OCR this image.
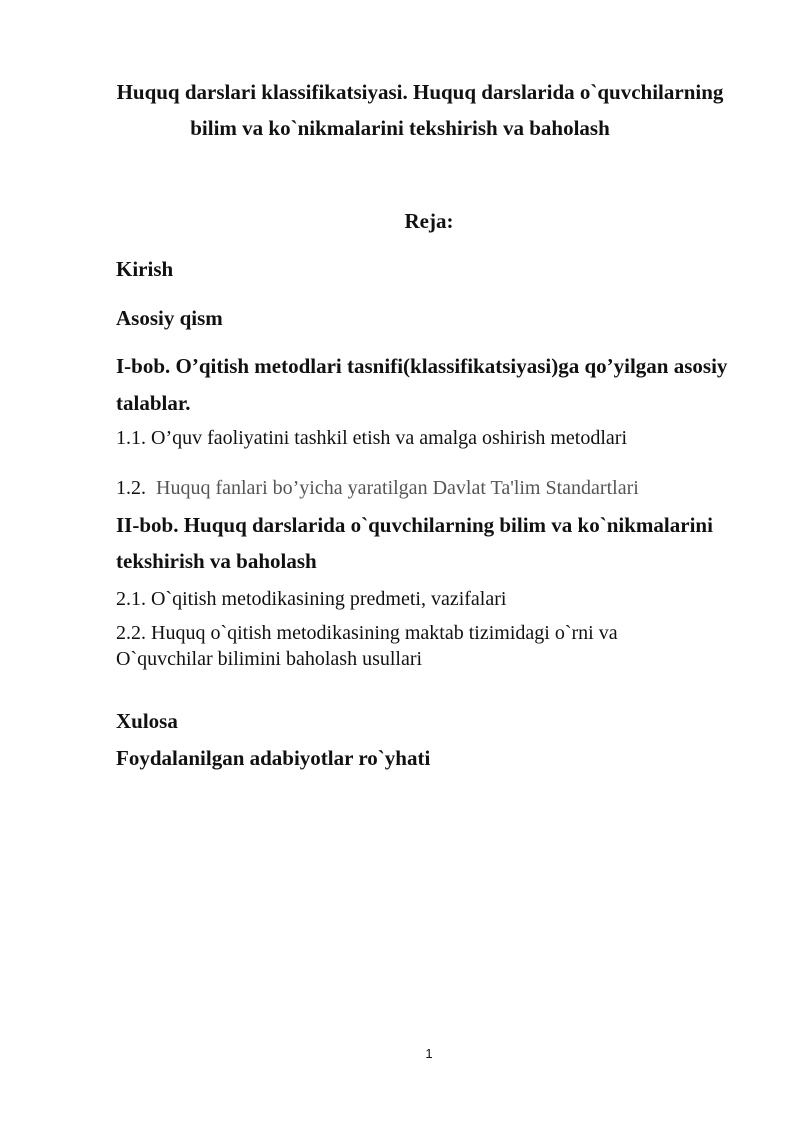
Huquq darslari klassifikatsiyasi. Huquq darslarida o`quvchilarning

bilim va ko`nikmalarini tekshirish va baholash

Reja:

Kirish

Asosiy qism

I-bob. O’qitish metodlari tasnifi(klassifikatsiyasi)ga qo’yilgan asosiy

talablar.

1.1. O’quv faoliyatini tashkil etish va amalga oshirish metodlari

1.2. Huquq fanlari bo’yicha yaratilgan Davlat Ta'lim Standartlari

II-bob. Huquq darslarida o`quvchilarning bilim va ko`nikmalarini

tekshirish va baholash

2.1. O`qitish metodikasining predmeti, vazifalari

2.2. Huquq o`qitish metodikasining maktab tizimidagi o`rni va

O`quvchilar bilimini baholash usullari

Xulosa

Foydalanilgan adabiyotlar ro`yhati

1
